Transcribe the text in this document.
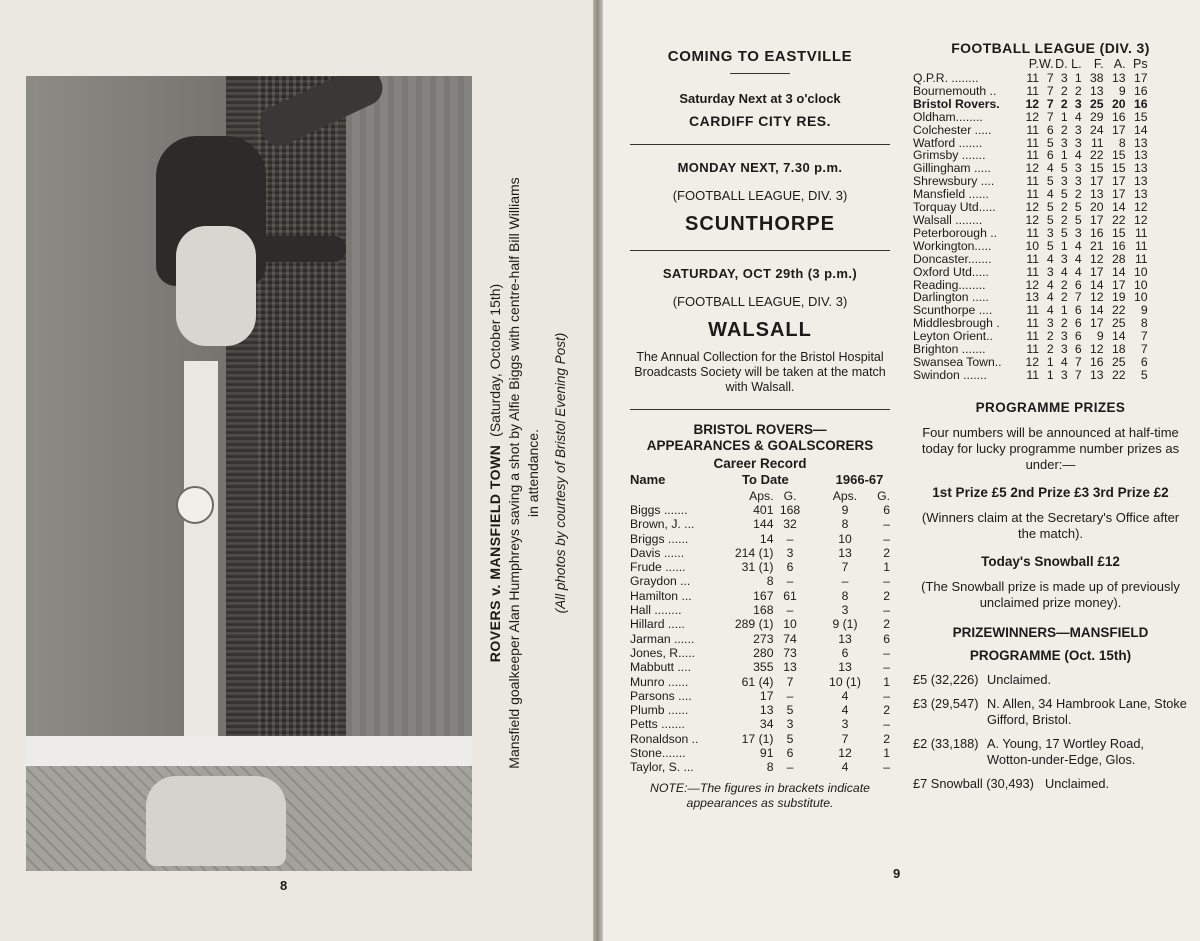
ROVERS v. MANSFIELD TOWN  (Saturday, October 15th) Mansfield goalkeeper Alan Humphreys saving a shot by Alfie Biggs with centre-half Bill Williams in attendance. (All photos by courtesy of Bristol Evening Post)
8
COMING TO EASTVILLE
Saturday Next at 3 o'clock
CARDIFF CITY RES.
MONDAY NEXT, 7.30 p.m.
(FOOTBALL LEAGUE, DIV. 3)
SCUNTHORPE
SATURDAY, OCT 29th (3 p.m.)
(FOOTBALL LEAGUE, DIV. 3)
WALSALL
The Annual Collection for the Bristol Hospital Broadcasts Society will be taken at the match with Walsall.
BRISTOL ROVERS—
APPEARANCES & GOALSCORERS
Career Record
Name	To Date			1966-67	
	Aps.	G.		Aps.	G.
Biggs .......	401	168		9	6
Brown, J. ...	144	32		8	–
Briggs ......	14	–		10	–
Davis ......	214 (1)	3		13	2
Frude ......	31 (1)	6		7	1
Graydon ...	8	–		–	–
Hamilton ...	167	61		8	2
Hall ........	168	–		3	–
Hillard .....	289 (1)	10		9 (1)	2
Jarman ......	273	74		13	6
Jones, R.....	280	73		6	–
Mabbutt ....	355	13		13	–
Munro ......	61 (4)	7		10 (1)	1
Parsons ....	17	–		4	–
Plumb ......	13	5		4	2
Petts .......	34	3		3	–
Ronaldson ..	17 (1)	5		7	2
Stone.......	91	6		12	1
Taylor, S. ...	8	–		4	–
NOTE:—The figures in brackets indicate appearances as substitute.
FOOTBALL LEAGUE (DIV. 3)
	P.	W.	D.	L.	F.	A.	Ps
Q.P.R. ........	11	7	3	1	38	13	17
Bournemouth ..	11	7	2	2	13	9	16
Bristol Rovers.	12	7	2	3	25	20	16
Oldham........	12	7	1	4	29	16	15
Colchester .....	11	6	2	3	24	17	14
Watford .......	11	5	3	3	11	8	13
Grimsby .......	11	6	1	4	22	15	13
Gillingham .....	12	4	5	3	15	15	13
Shrewsbury ....	11	5	3	3	17	17	13
Mansfield ......	11	4	5	2	13	17	13
Torquay Utd.....	12	5	2	5	20	14	12
Walsall ........	12	5	2	5	17	22	12
Peterborough ..	11	3	5	3	16	15	11
Workington.....	10	5	1	4	21	16	11
Doncaster.......	11	4	3	4	12	28	11
Oxford Utd.....	11	3	4	4	17	14	10
Reading........	12	4	2	6	14	17	10
Darlington .....	13	4	2	7	12	19	10
Scunthorpe ....	11	4	1	6	14	22	9
Middlesbrough .	11	3	2	6	17	25	8
Leyton Orient..	11	2	3	6	9	14	7
Brighton .......	11	2	3	6	12	18	7
Swansea Town..	12	1	4	7	16	25	6
Swindon .......	11	1	3	7	13	22	5
PROGRAMME PRIZES
Four numbers will be announced at half-time today for lucky programme number prizes as under:—
1st Prize £5 2nd Prize £3 3rd Prize £2
(Winners claim at the Secretary's Office after the match).
Today's Snowball £12
(The Snowball prize is made up of previously unclaimed prize money).
PRIZEWINNERS—MANSFIELD
PROGRAMME (Oct. 15th)
£5 (32,226) Unclaimed.
£3 (29,547) N. Allen, 34 Hambrook Lane, Stoke Gifford, Bristol.
£2 (33,188) A. Young, 17 Wortley Road, Wotton-under-Edge, Glos.
£7 Snowball (30,493) Unclaimed.
9
